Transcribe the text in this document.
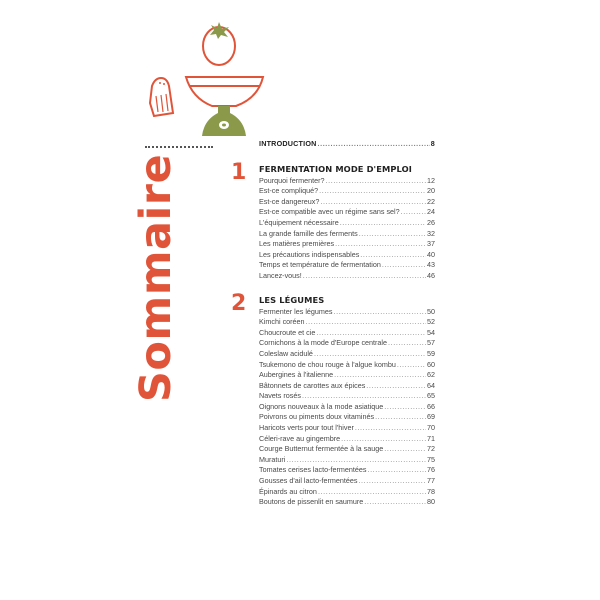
Sommaire
INTRODUCTION .....	8
1 FERMENTATION MODE D'EMPLOI
Pourquoi fermenter? .....	12
Est-ce compliqué? .....	20
Est-ce dangereux? .....	22
Est-ce compatible avec un régime sans sel? .....	24
L'équipement nécessaire .....	26
La grande famille des ferments .....	32
Les matières premières .....	37
Les précautions indispensables .....	40
Temps et température de fermentation .....	43
Lancez-vous! .....	46
2 LES LÉGUMES
Fermenter les légumes .....	50
Kimchi coréen .....	52
Choucroute et cie .....	54
Cornichons à la mode d'Europe centrale .....	57
Coleslaw acidulé .....	59
Tsukemono de chou rouge à l'algue kombu .....	60
Aubergines à l'italienne .....	62
Bâtonnets de carottes aux épices .....	64
Navets rosés .....	65
Oignons nouveaux à la mode asiatique .....	66
Poivrons ou piments doux vitaminés .....	69
Haricots verts pour tout l'hiver .....	70
Céleri-rave au gingembre .....	71
Courge Butternut fermentée à la sauge .....	72
Muraturi .....	75
Tomates cerises lacto-fermentées .....	76
Gousses d'ail lacto-fermentées .....	77
Épinards au citron .....	78
Boutons de pissenlit en saumure .....	80
